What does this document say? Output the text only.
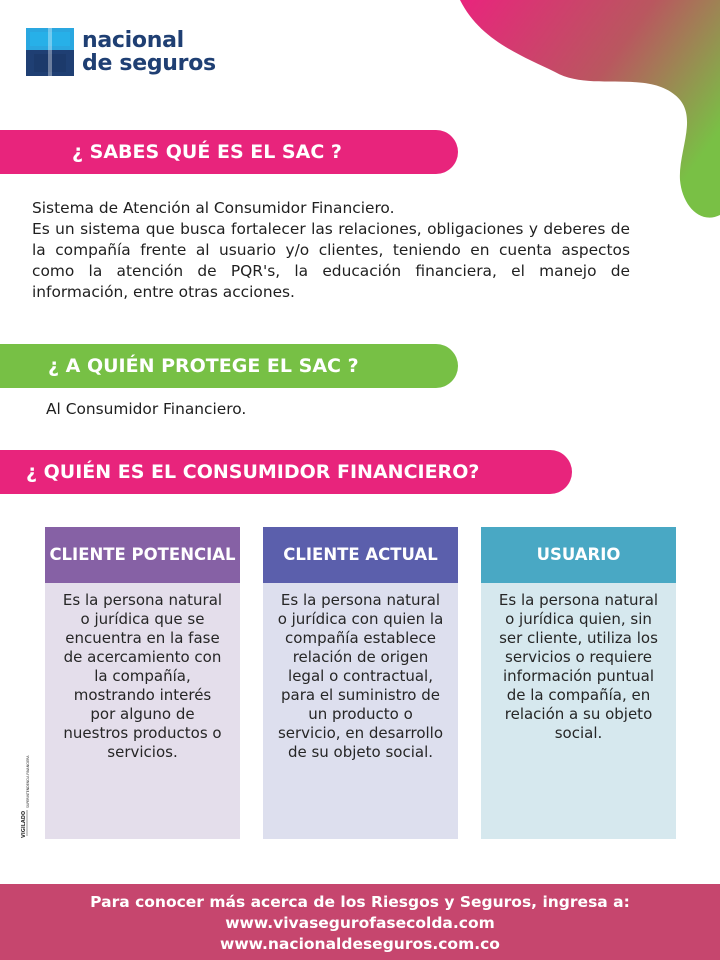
nacional
de seguros
¿ SABES QUÉ ES EL SAC ?
Sistema de Atención al Consumidor Financiero.
Es un sistema que busca fortalecer las relaciones, obligaciones y deberes de la compañía frente al usuario y/o clientes, teniendo en cuenta aspectos como la atención de PQR's, la educación financiera, el manejo de información, entre otras acciones.
¿ A QUIÉN PROTEGE EL SAC ?
Al Consumidor Financiero.
¿ QUIÉN ES EL CONSUMIDOR FINANCIERO?
CLIENTE POTENCIAL
Es la persona natural o jurídica que se encuentra en la fase de acercamiento con la compañía, mostrando interés por alguno de nuestros productos o servicios.
CLIENTE ACTUAL
Es la persona natural o jurídica con quien la compañía establece relación de origen legal o contractual, para el suministro de un producto o servicio, en desarrollo de su objeto social.
USUARIO
Es la persona natural o jurídica quien, sin ser cliente, utiliza los servicios o requiere información puntual de la compañía, en relación a su objeto social.
VIGILADO
SUPERINTENDENCIA FINANCIERA
Para conocer más acerca de los Riesgos y Seguros, ingresa a:
www.vivasegurofasecolda.com
www.nacionaldeseguros.com.co
